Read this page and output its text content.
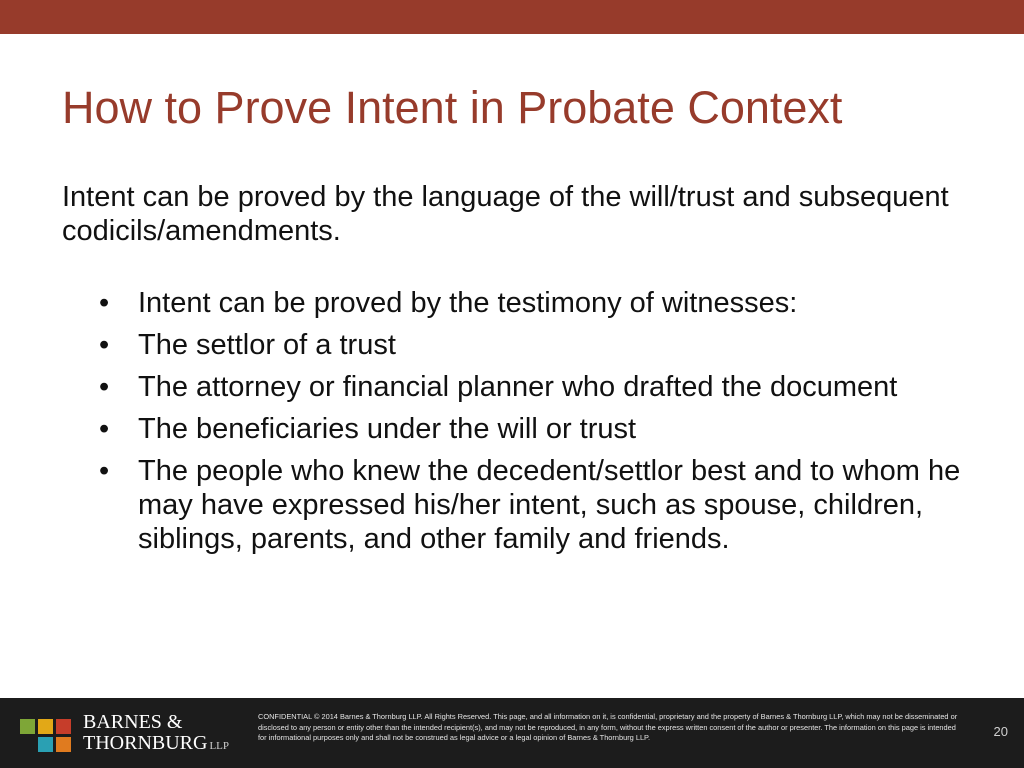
How to Prove Intent in Probate Context
Intent can be proved by the language of the will/trust and subsequent codicils/amendments.
• Intent can be proved by the testimony of witnesses:
• The settlor of a trust
• The attorney or financial planner who drafted the document
• The beneficiaries under the will or trust
• The people who knew the decedent/settlor best and to whom he may have expressed his/her intent, such as spouse, children, siblings, parents, and other family and friends.
BARNES &
THORNBURG LLP
CONFIDENTIAL © 2014 Barnes & Thornburg LLP. All Rights Reserved. This page, and all information on it, is confidential, proprietary and the property of Barnes & Thornburg LLP, which may not be disseminated or disclosed to any person or entity other than the intended recipient(s), and may not be reproduced, in any form, without the express written consent of the author or presenter. The information on this page is intended for informational purposes only and shall not be construed as legal advice or a legal opinion of Barnes & Thornburg LLP.	20
